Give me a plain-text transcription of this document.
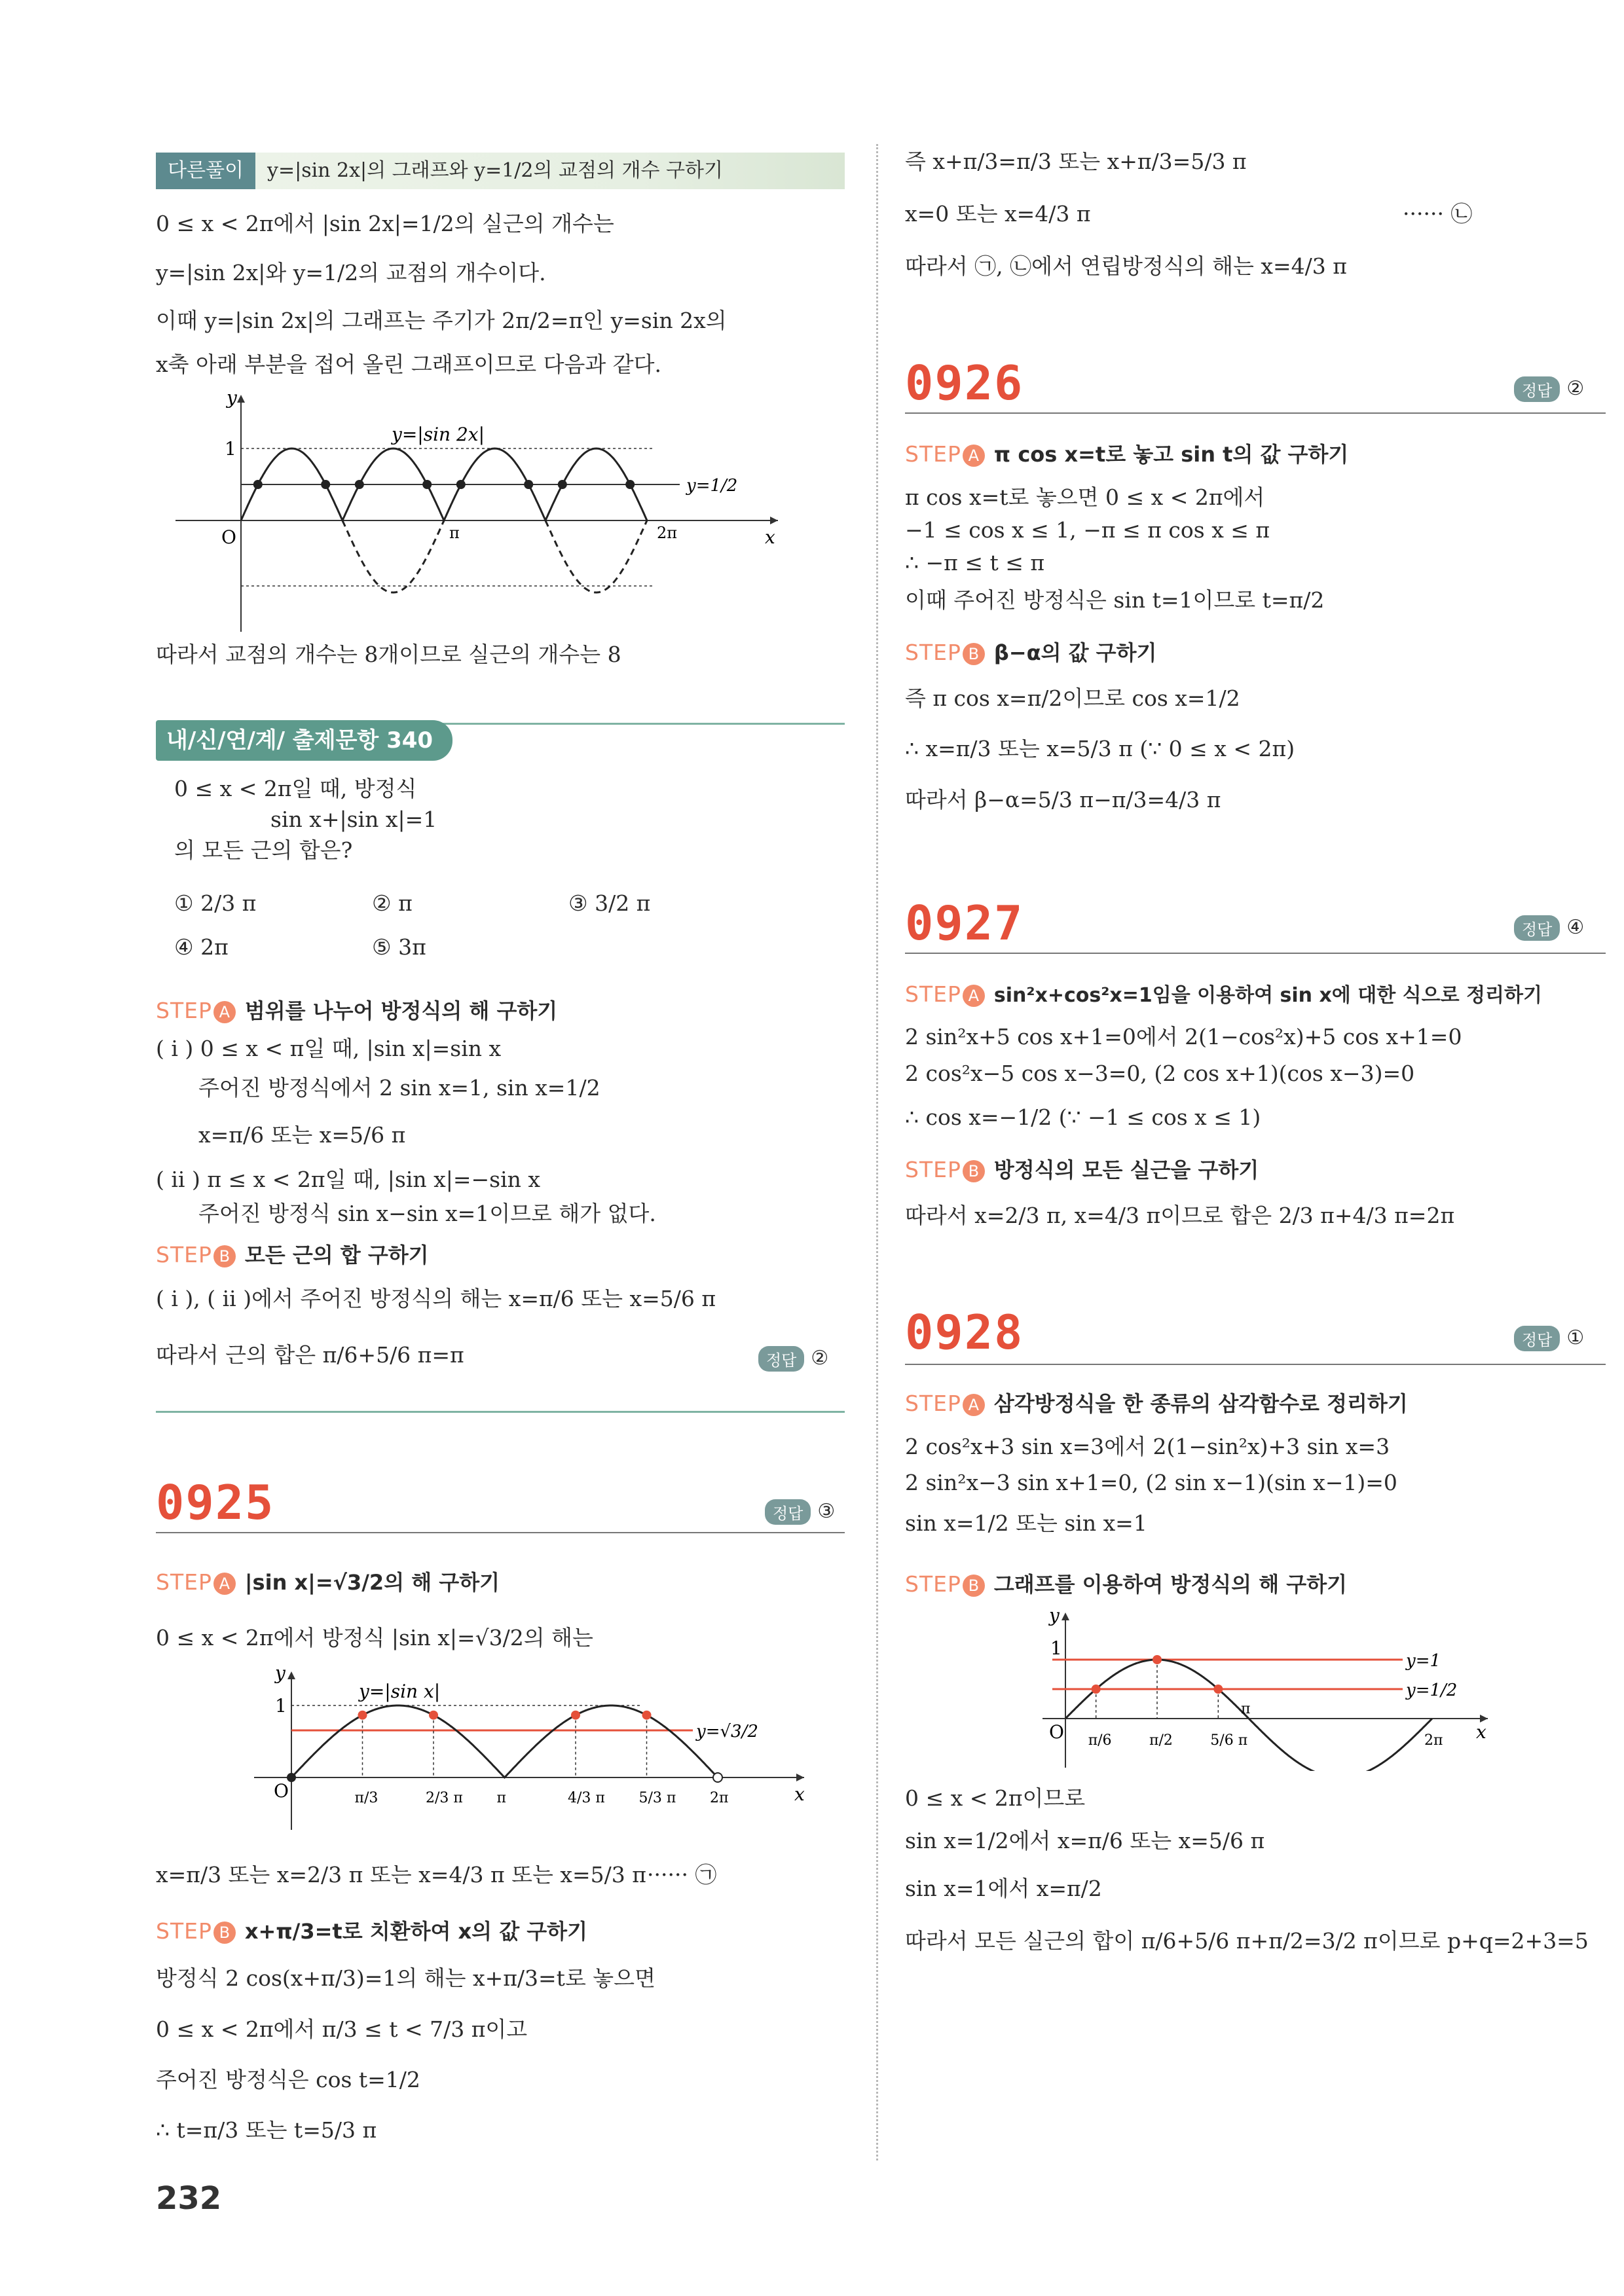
다른풀이	y=|sin 2x|의 그래프와 y=1/2의 교점의 개수 구하기
0 ≤ x < 2π에서 |sin 2x|=1/2의 실근의 개수는
y=|sin 2x|와 y=1/2의 교점의 개수이다.
이때 y=|sin 2x|의 그래프는 주기가 2π/2=π인 y=sin 2x의
x축 아래 부분을 접어 올린 그래프이므로 다음과 같다.
y
x
O
1
π	2π
y=|sin 2x|
y=1/2
따라서 교점의 개수는 8개이므로 실근의 개수는 8
내/신/연/계/ 출제문항 340
0 ≤ x < 2π일 때, 방정식
sin x+|sin x|=1
의 모든 근의 합은?
① 2/3 π	② π	③ 3/2 π
④ 2π	⑤ 3π
STEP A 범위를 나누어 방정식의 해 구하기
( i ) 0 ≤ x < π일 때, |sin x|=sin x
주어진 방정식에서 2 sin x=1, sin x=1/2
x=π/6 또는 x=5/6 π
( ii ) π ≤ x < 2π일 때, |sin x|=−sin x
주어진 방정식 sin x−sin x=1이므로 해가 없다.
STEP B 모든 근의 합 구하기
( i ), ( ii )에서 주어진 방정식의 해는 x=π/6 또는 x=5/6 π
따라서 근의 합은 π/6+5/6 π=π	정답 ②
0925	정답 ③
STEP A |sin x|=√3/2의 해 구하기
0 ≤ x < 2π에서 방정식 |sin x|=√3/2의 해는
y
x
O
1
y=|sin x|
y=√3/2
π/3	2/3 π π	4/3 π 5/3 π 2π
x=π/3 또는 x=2/3 π 또는 x=4/3 π 또는 x=5/3 π ······ ㉠
STEP B x+π/3=t로 치환하여 x의 값 구하기
방정식 2 cos(x+π/3)=1의 해는 x+π/3=t로 놓으면
0 ≤ x < 2π에서 π/3 ≤ t < 7/3 π이고
주어진 방정식은 cos t=1/2
∴ t=π/3 또는 t=5/3 π
즉 x+π/3=π/3 또는 x+π/3=5/3 π
x=0 또는 x=4/3 π	······ ㉡
따라서 ㉠, ㉡에서 연립방정식의 해는 x=4/3 π
0926	정답 ②
STEP A π cos x=t로 놓고 sin t의 값 구하기
π cos x=t로 놓으면 0 ≤ x < 2π에서
−1 ≤ cos x ≤ 1, −π ≤ π cos x ≤ π
∴ −π ≤ t ≤ π
이때 주어진 방정식은 sin t=1이므로 t=π/2
STEP B β−α의 값 구하기
즉 π cos x=π/2이므로 cos x=1/2
∴ x=π/3 또는 x=5/3 π (∵ 0 ≤ x < 2π)
따라서 β−α=5/3 π−π/3=4/3 π
0927	정답 ④
STEP A sin²x+cos²x=1임을 이용하여 sin x에 대한 식으로 정리하기
2 sin²x+5 cos x+1=0에서 2(1−cos²x)+5 cos x+1=0
2 cos²x−5 cos x−3=0, (2 cos x+1)(cos x−3)=0
∴ cos x=−1/2 (∵ −1 ≤ cos x ≤ 1)
STEP B 방정식의 모든 실근을 구하기
따라서 x=2/3 π, x=4/3 π이므로 합은 2/3 π+4/3 π=2π
0928	정답 ①
STEP A 삼각방정식을 한 종류의 삼각함수로 정리하기
2 cos²x+3 sin x=3에서 2(1−sin²x)+3 sin x=3
2 sin²x−3 sin x+1=0, (2 sin x−1)(sin x−1)=0
sin x=1/2 또는 sin x=1
STEP B 그래프를 이용하여 방정식의 해 구하기
y
x
O
1
y=1
y=1/2
π/6	π/2	5/6 π
π
2π
0 ≤ x < 2π이므로
sin x=1/2에서 x=π/6 또는 x=5/6 π
sin x=1에서 x=π/2
따라서 모든 실근의 합이 π/6+5/6 π+π/2=3/2 π이므로 p+q=2+3=5
232
